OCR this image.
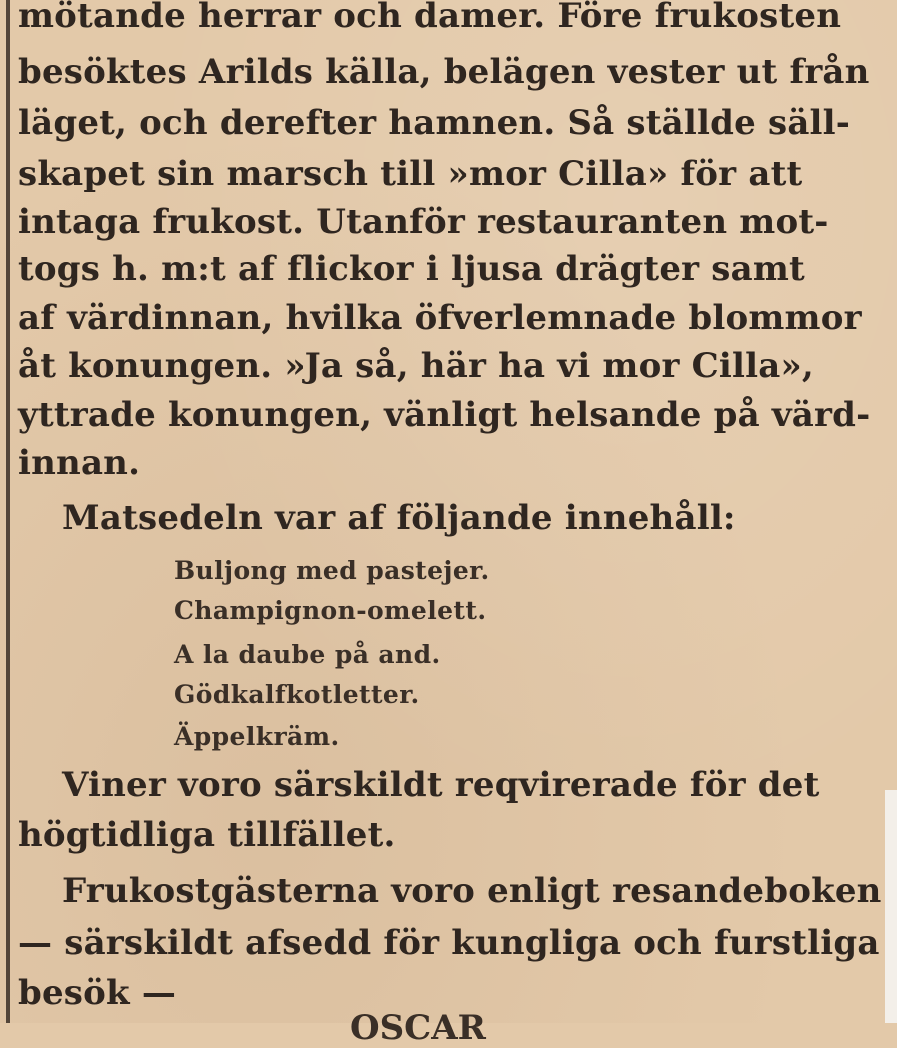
mötande herrar och damer. Före frukosten
besöktes Arilds källa, belägen vester ut från
läget, och derefter hamnen. Så ställde säll-
skapet sin marsch till »mor Cilla» för att
intaga frukost. Utanför restauranten mot-
togs h. m:t af flickor i ljusa drägter samt
af värdinnan, hvilka öfverlemnade blommor
åt konungen. »Ja så, här ha vi mor Cilla»,
yttrade konungen, vänligt helsande på värd-
innan.
Matsedeln var af följande innehåll:
Buljong med pastejer.
Champignon-omelett.
A la daube på and.
Gödkalfkotletter.
Äppelkräm.
Viner voro särskildt reqvirerade för det
högtidliga tillfället.
Frukostgästerna voro enligt resandeboken
— särskildt afsedd för kungliga och furstliga
besök —
OSCAR
